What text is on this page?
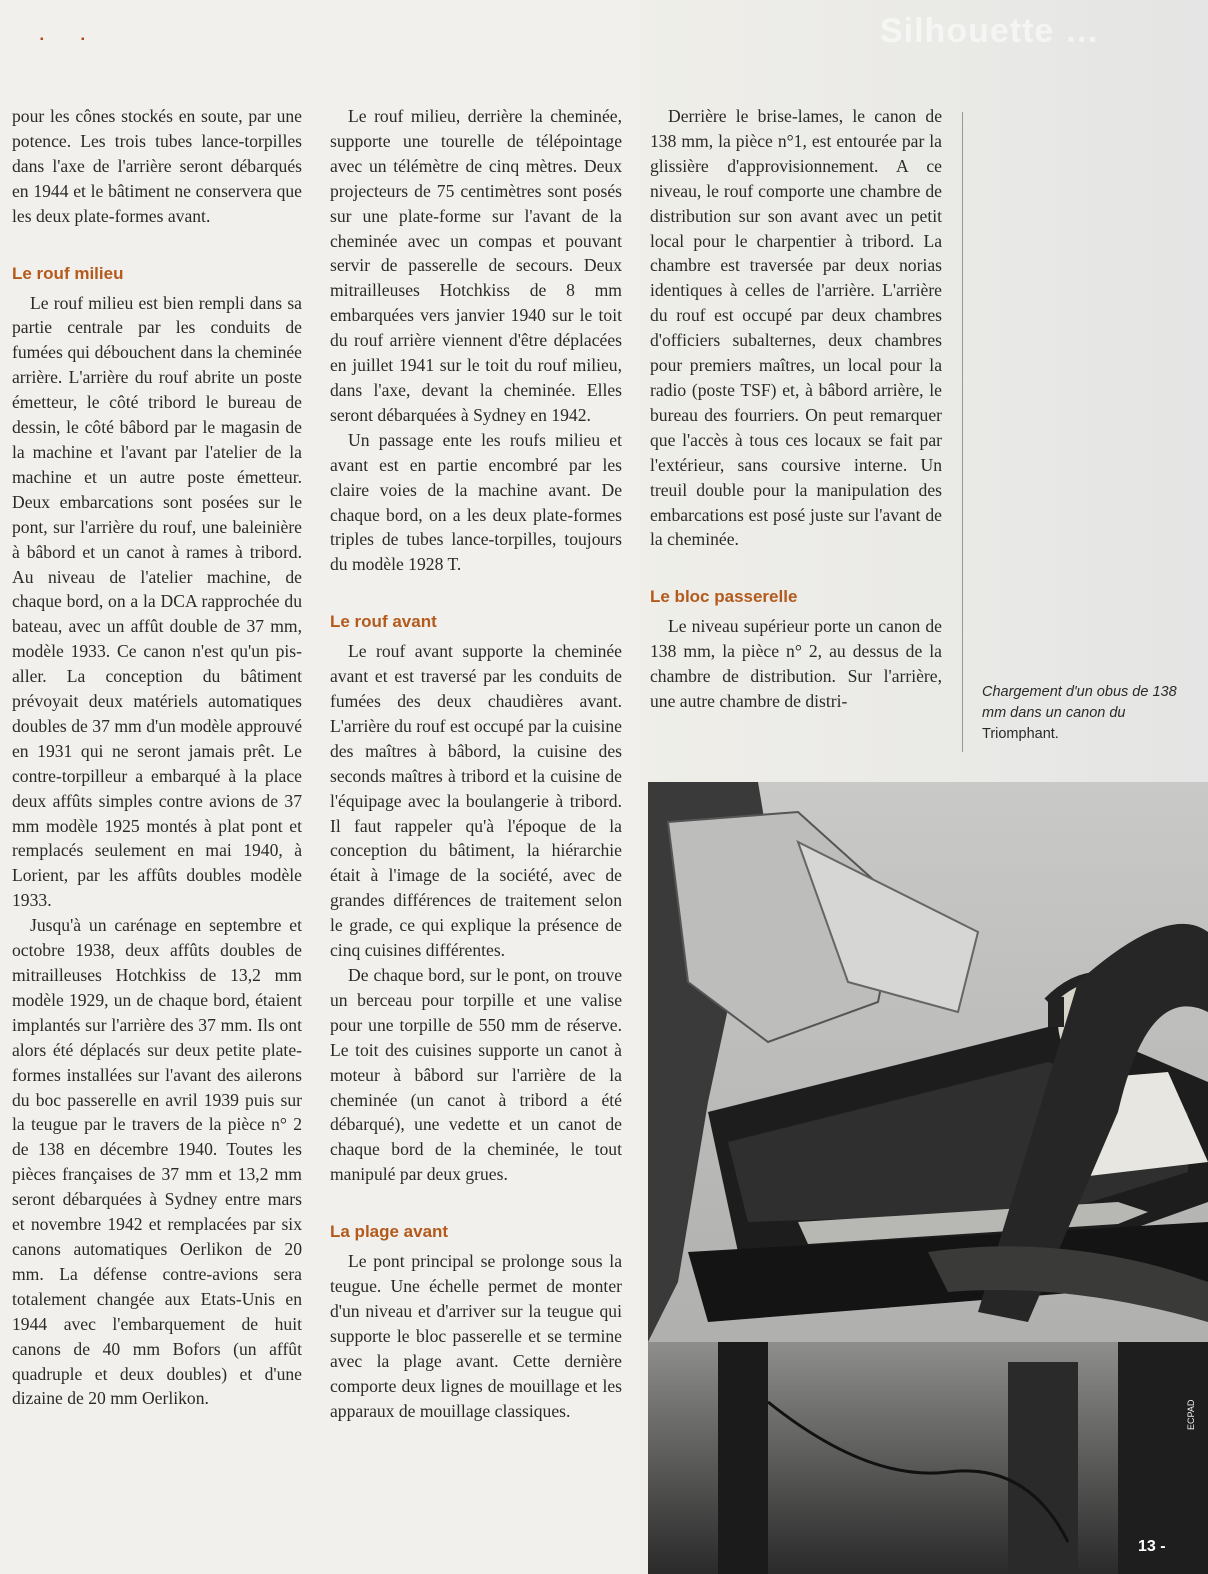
Silhouette …
▪               ▪

pour les cônes stockés en soute, par une potence. Les trois tubes lance-torpilles dans l'axe de l'arrière seront débarqués en 1944 et le bâtiment ne conservera que les deux plate-formes avant.

Le rouf milieu

Le rouf milieu est bien rempli dans sa partie centrale par les conduits de fumées qui débouchent dans la cheminée arrière. L'arrière du rouf abrite un poste émetteur, le côté tribord le bureau de dessin, le côté bâbord par le magasin de la machine et l'avant par l'atelier de la machine et un autre poste émetteur. Deux embarcations sont posées sur le pont, sur l'arrière du rouf, une baleinière à bâbord et un canot à rames à tribord. Au niveau de l'atelier machine, de chaque bord, on a la DCA rapprochée du bateau, avec un affût double de 37 mm, modèle 1933. Ce canon n'est qu'un pis-aller. La conception du bâtiment prévoyait deux matériels automatiques doubles de 37 mm d'un modèle approuvé en 1931 qui ne seront jamais prêt. Le contre-torpilleur a embarqué à la place deux affûts simples contre avions de 37 mm modèle 1925 montés à plat pont et remplacés seulement en mai 1940, à Lorient, par les affûts doubles modèle 1933.

Jusqu'à un carénage en septembre et octobre 1938, deux affûts doubles de mitrailleuses Hotchkiss de 13,2 mm modèle 1929, un de chaque bord, étaient implantés sur l'arrière des 37 mm. Ils ont alors été déplacés sur deux petite plate-formes installées sur l'avant des ailerons du boc passerelle en avril 1939 puis sur la teugue par le travers de la pièce n° 2 de 138 en décembre 1940. Toutes les pièces françaises de 37 mm et 13,2 mm seront débarquées à Sydney entre mars et novembre 1942 et remplacées par six canons automatiques Oerlikon de 20 mm. La défense contre-avions sera totalement changée aux Etats-Unis en 1944 avec l'embarquement de huit canons de 40 mm Bofors (un affût quadruple et deux doubles) et d'une dizaine de 20 mm Oerlikon.

Le rouf milieu, derrière la cheminée, supporte une tourelle de télépointage avec un télémètre de cinq mètres. Deux projecteurs de 75 centimètres sont posés sur une plate-forme sur l'avant de la cheminée avec un compas et pouvant servir de passerelle de secours. Deux mitrailleuses Hotchkiss de 8 mm embarquées vers janvier 1940 sur le toit du rouf arrière viennent d'être déplacées en juillet 1941 sur le toit du rouf milieu, dans l'axe, devant la cheminée. Elles seront débarquées à Sydney en 1942.

Un passage ente les roufs milieu et avant est en partie encombré par les claire voies de la machine avant. De chaque bord, on a les deux plate-formes triples de tubes lance-torpilles, toujours du modèle 1928 T.

Le rouf avant

Le rouf avant supporte la cheminée avant et est traversé par les conduits de fumées des deux chaudières avant. L'arrière du rouf est occupé par la cuisine des maîtres à bâbord, la cuisine des seconds maîtres à tribord et la cuisine de l'équipage avec la boulangerie à tribord. Il faut rappeler qu'à l'époque de la conception du bâtiment, la hiérarchie était à l'image de la société, avec de grandes différences de traitement selon le grade, ce qui explique la présence de cinq cuisines différentes.

De chaque bord, sur le pont, on trouve un berceau pour torpille et une valise pour une torpille de 550 mm de réserve. Le toit des cuisines supporte un canot à moteur à bâbord sur l'arrière de la cheminée (un canot à tribord a été débarqué), une vedette et un canot de chaque bord de la cheminée, le tout manipulé par deux grues.

La plage avant

Le pont principal se prolonge sous la teugue. Une échelle permet de monter d'un niveau et d'arriver sur la teugue qui supporte le bloc passerelle et se termine avec la plage avant. Cette dernière comporte deux lignes de mouillage et les apparaux de mouillage classiques.

Derrière le brise-lames, le canon de 138 mm, la pièce n°1, est entourée par la glissière d'approvisionnement. A ce niveau, le rouf comporte une chambre de distribution sur son avant avec un petit local pour le charpentier à tribord. La chambre est traversée par deux norias identiques à celles de l'arrière. L'arrière du rouf est occupé par deux chambres d'officiers subalternes, deux chambres pour premiers maîtres, un local pour la radio (poste TSF) et, à bâbord arrière, le bureau des fourriers. On peut remarquer que l'accès à tous ces locaux se fait par l'extérieur, sans coursive interne. Un treuil double pour la manipulation des embarcations est posé juste sur l'avant de la cheminée.

Le bloc passerelle

Le niveau supérieur porte un canon de 138 mm, la pièce n° 2, au dessus de la chambre de distribution. Sur l'arrière, une autre chambre de distri-	Chargement d'un obus de 138 mm dans un canon du Triomphant.
ECPAD
13 -
